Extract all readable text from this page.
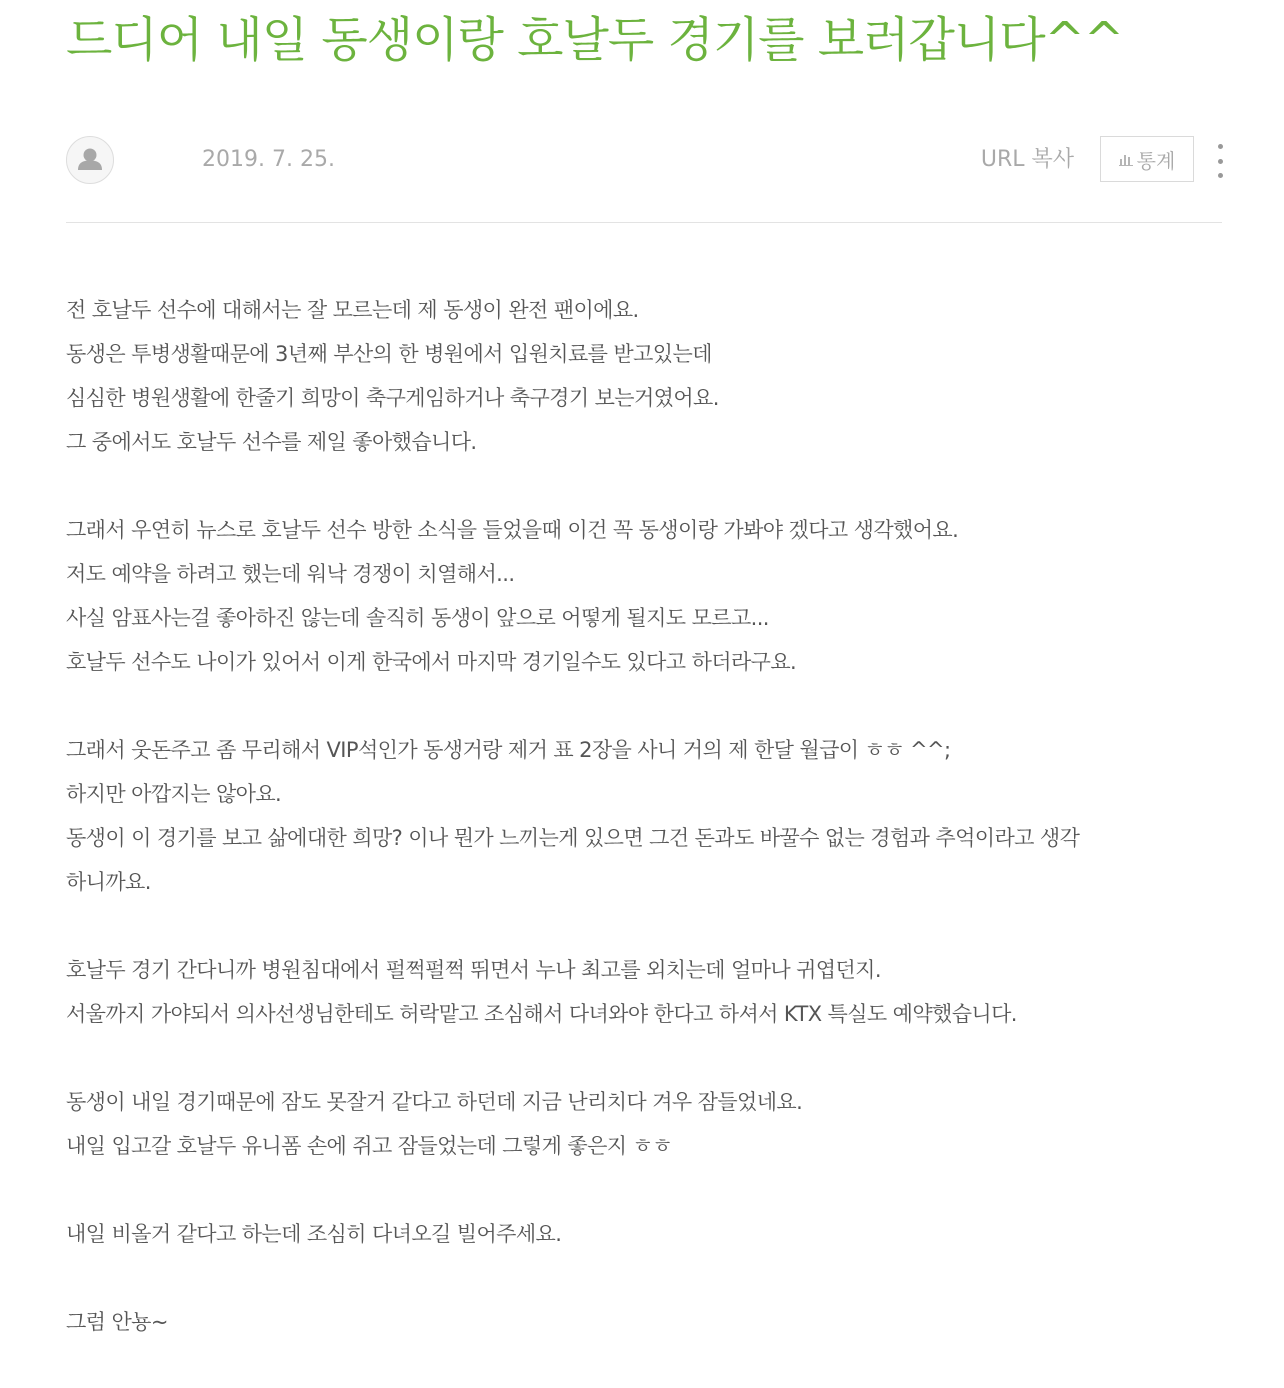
드디어 내일 동생이랑 호날두 경기를 보러갑니다^^
2019. 7. 25.	URL 복사	통계

전 호날두 선수에 대해서는 잘 모르는데 제 동생이 완전 팬이에요.
동생은 투병생활때문에 3년째 부산의 한 병원에서 입원치료를 받고있는데
심심한 병원생활에 한줄기 희망이 축구게임하거나 축구경기 보는거였어요.
그 중에서도 호날두 선수를 제일 좋아했습니다.

그래서 우연히 뉴스로 호날두 선수 방한 소식을 들었을때 이건 꼭 동생이랑 가봐야 겠다고 생각했어요.
저도 예약을 하려고 했는데 워낙 경쟁이 치열해서...
사실 암표사는걸 좋아하진 않는데 솔직히 동생이 앞으로 어떻게 될지도 모르고...
호날두 선수도 나이가 있어서 이게 한국에서 마지막 경기일수도 있다고 하더라구요.

그래서 웃돈주고 좀 무리해서 VIP석인가 동생거랑 제거 표 2장을 사니 거의 제 한달 월급이 ㅎㅎ ^^;
하지만 아깝지는 않아요.
동생이 이 경기를 보고 삶에대한 희망? 이나 뭔가 느끼는게 있으면 그건 돈과도 바꿀수 없는 경험과 추억이라고 생각
하니까요.

호날두 경기 간다니까 병원침대에서 펄쩍펄쩍 뛰면서 누나 최고를 외치는데 얼마나 귀엽던지.
서울까지 가야되서 의사선생님한테도 허락맡고 조심해서 다녀와야 한다고 하셔서 KTX 특실도 예약했습니다.

동생이 내일 경기때문에 잠도 못잘거 같다고 하던데 지금 난리치다 겨우 잠들었네요.
내일 입고갈 호날두 유니폼 손에 쥐고 잠들었는데 그렇게 좋은지 ㅎㅎ

내일 비올거 같다고 하는데 조심히 다녀오길 빌어주세요.

그럼 안뇽~
